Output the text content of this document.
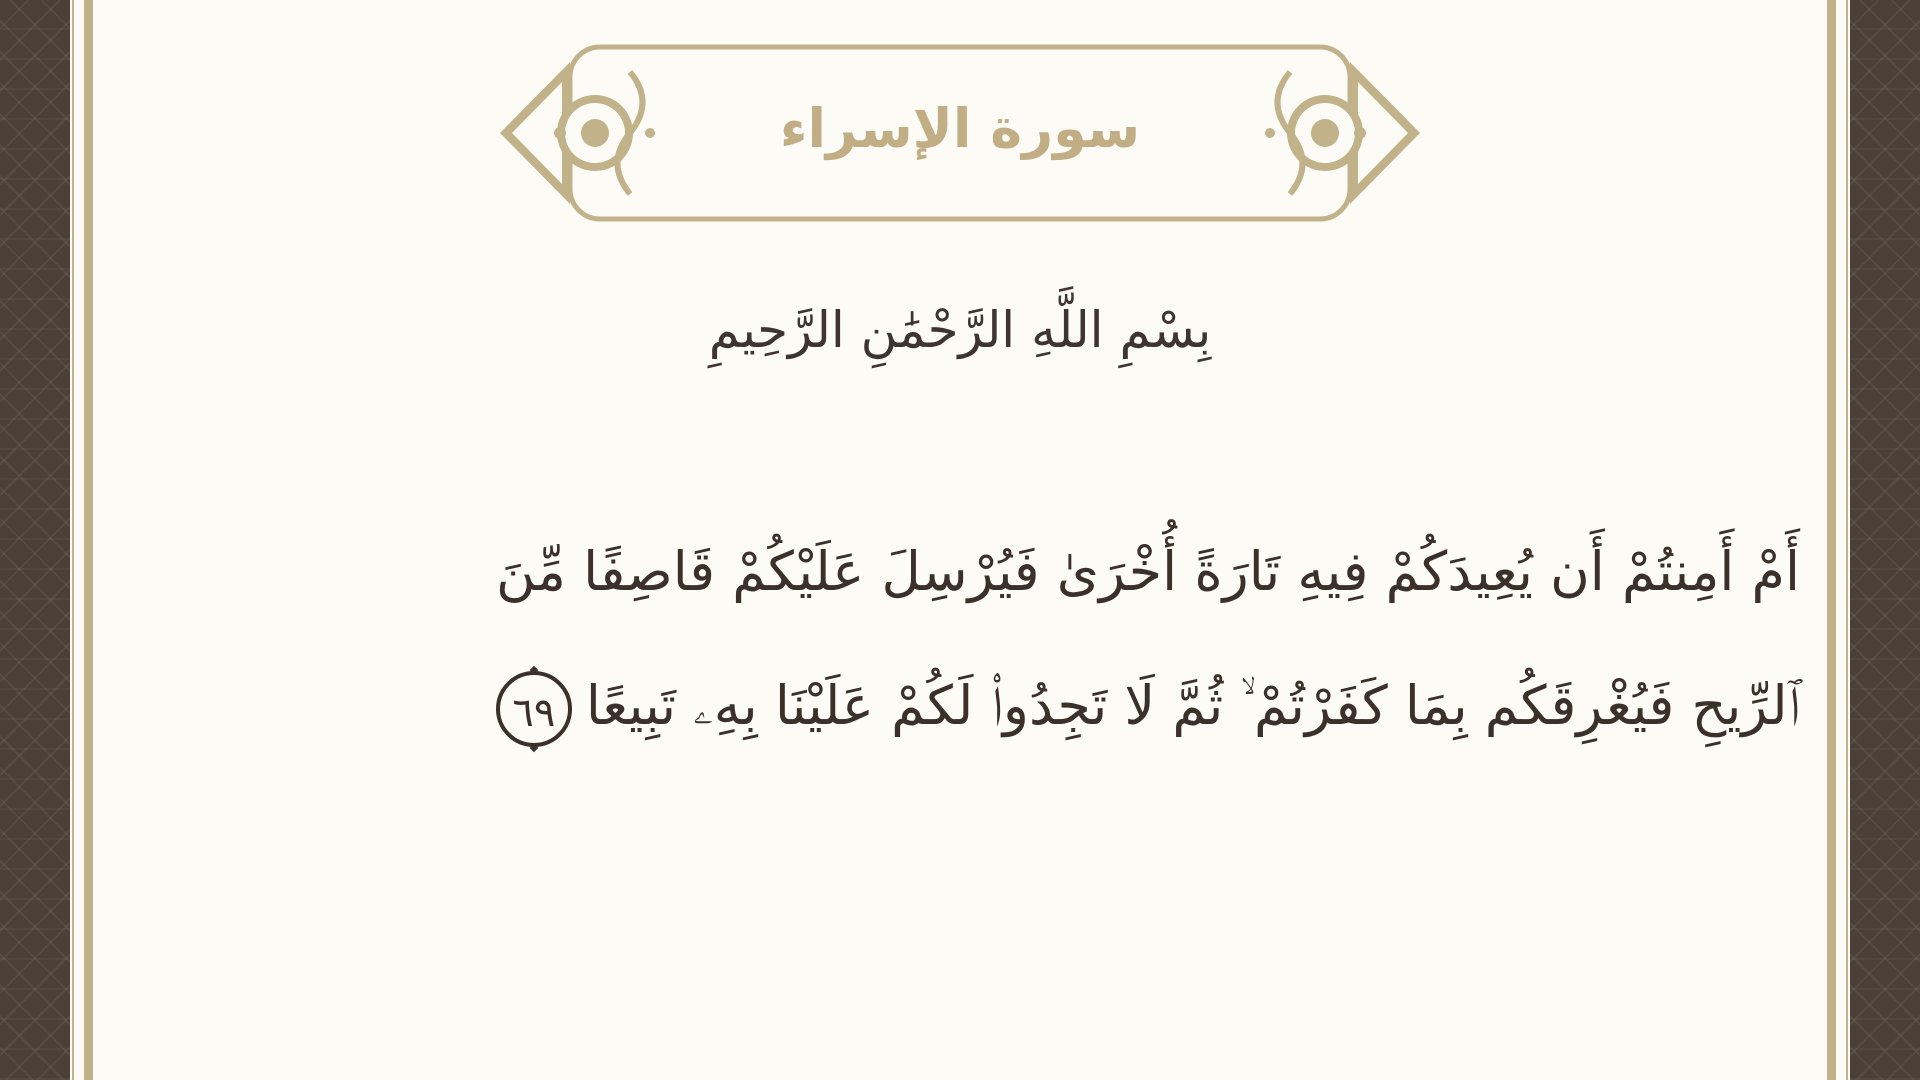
سورة الإسراء
بِسْمِ اللَّهِ الرَّحْمَٰنِ الرَّحِيمِ
أَمْ أَمِنتُمْ أَن يُعِيدَكُمْ فِيهِ تَارَةً أُخْرَىٰ فَيُرْسِلَ عَلَيْكُمْ قَاصِفًا مِّنَ
ٱلرِّيحِ فَيُغْرِقَكُم بِمَا كَفَرْتُمْ ۙ ثُمَّ لَا تَجِدُوا۟ لَكُمْ عَلَيْنَا بِهِۦ تَبِيعًا٦٩
